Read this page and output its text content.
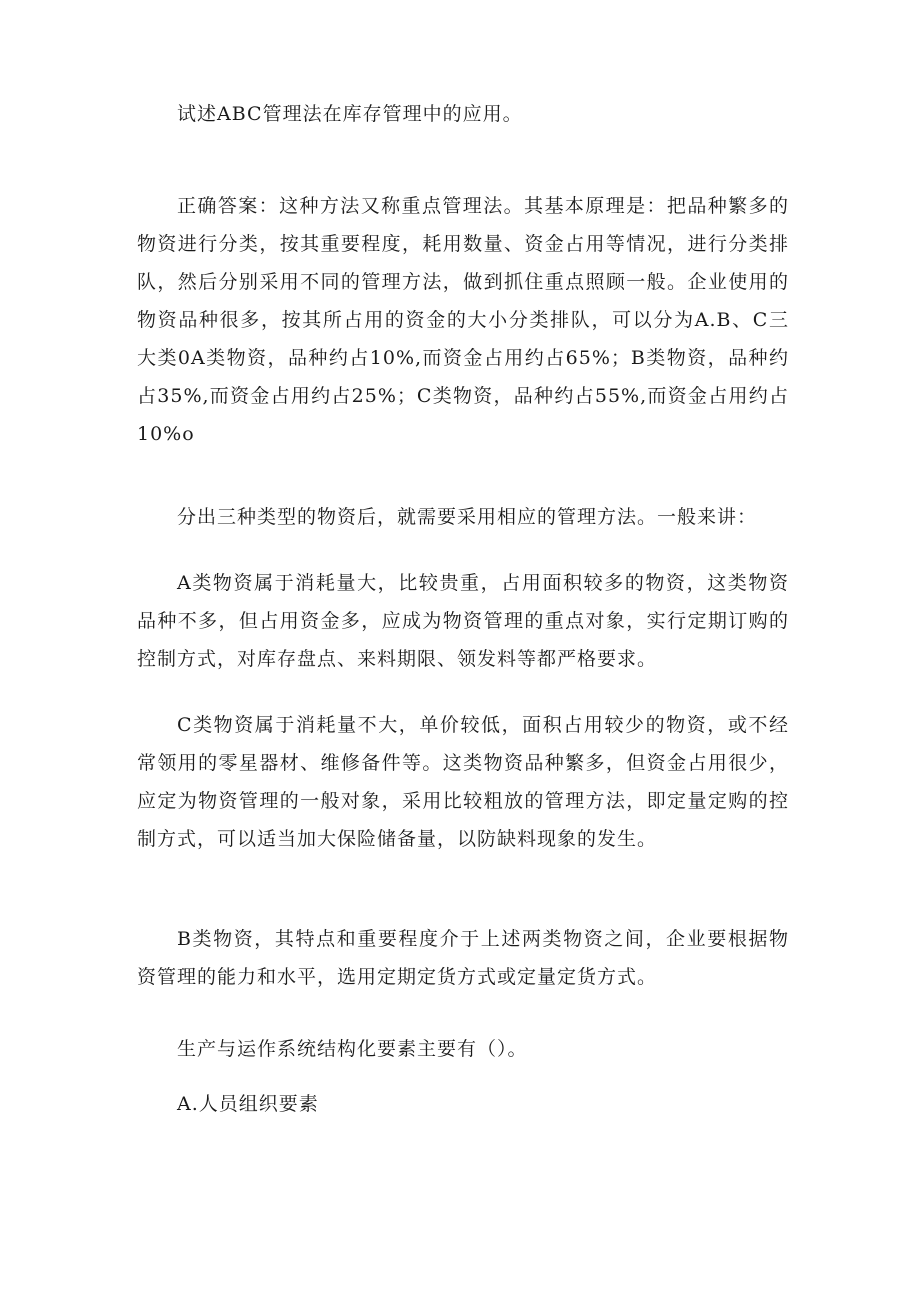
试述ABC管理法在库存管理中的应用。

正确答案：这种方法又称重点管理法。其基本原理是：把品种繁多的物资进行分类，按其重要程度，耗用数量、资金占用等情况，进行分类排队，然后分别采用不同的管理方法，做到抓住重点照顾一般。企业使用的物资品种很多，按其所占用的资金的大小分类排队，可以分为A.B、C三大类0A类物资，品种约占10%,而资金占用约占65%；B类物资，品种约占35%,而资金占用约占25%；C类物资，品种约占55%,而资金占用约占10%o

分出三种类型的物资后，就需要采用相应的管理方法。一般来讲：

A类物资属于消耗量大，比较贵重，占用面积较多的物资，这类物资品种不多，但占用资金多，应成为物资管理的重点对象，实行定期订购的控制方式，对库存盘点、来料期限、领发料等都严格要求。

C类物资属于消耗量不大，单价较低，面积占用较少的物资，或不经常领用的零星器材、维修备件等。这类物资品种繁多，但资金占用很少，应定为物资管理的一般对象，采用比较粗放的管理方法，即定量定购的控制方式，可以适当加大保险储备量，以防缺料现象的发生。

B类物资，其特点和重要程度介于上述两类物资之间，企业要根据物资管理的能力和水平，选用定期定货方式或定量定货方式。

生产与运作系统结构化要素主要有（）。

A.人员组织要素
